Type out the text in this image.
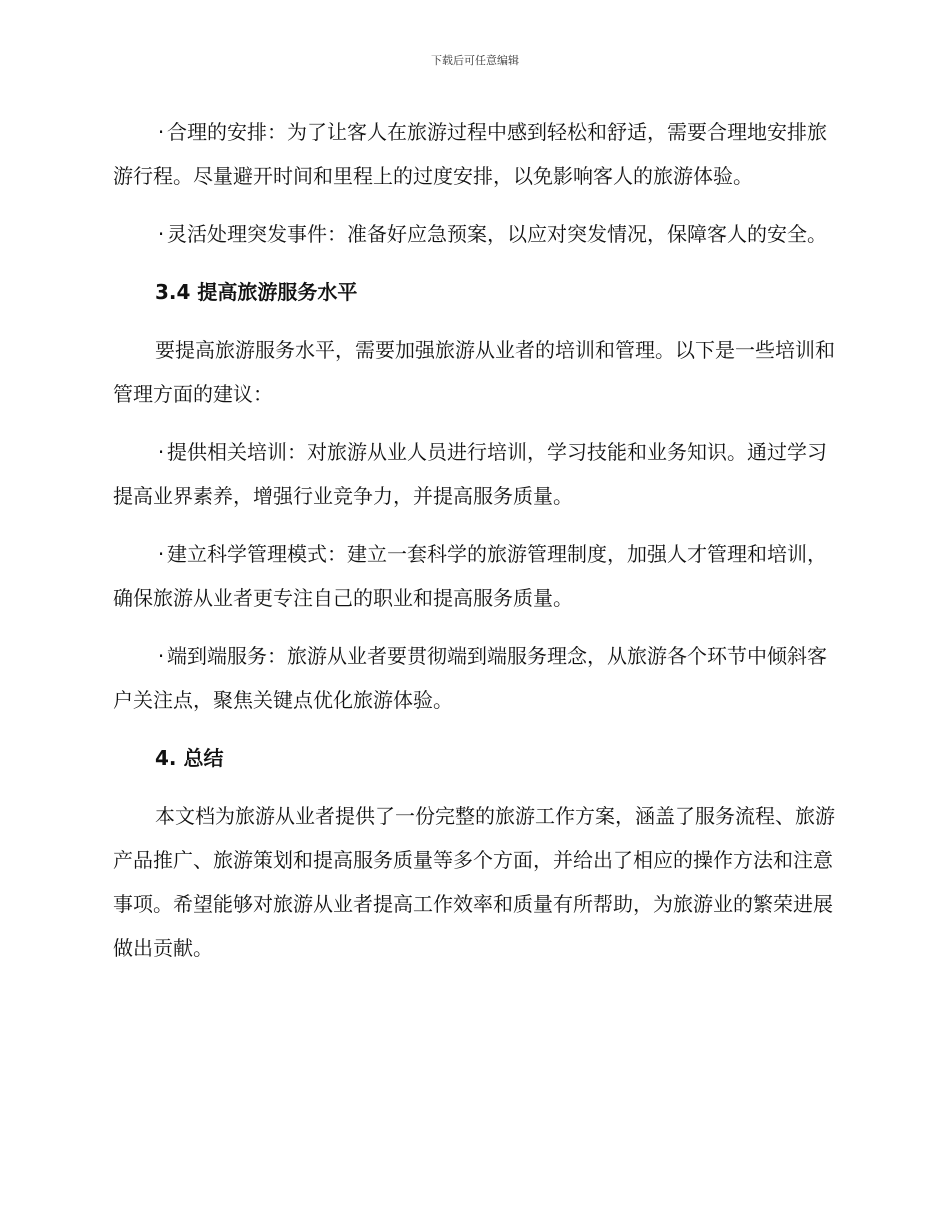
下载后可任意编辑

· 合理的安排：为了让客人在旅游过程中感到轻松和舒适，需要合理地安排旅游行程。尽量避开时间和里程上的过度安排，以免影响客人的旅游体验。

· 灵活处理突发事件：准备好应急预案，以应对突发情况，保障客人的安全。

3.4 提高旅游服务水平

要提高旅游服务水平，需要加强旅游从业者的培训和管理。以下是一些培训和管理方面的建议：

· 提供相关培训：对旅游从业人员进行培训，学习技能和业务知识。通过学习提高业界素养，增强行业竞争力，并提高服务质量。

· 建立科学管理模式：建立一套科学的旅游管理制度，加强人才管理和培训，确保旅游从业者更专注自己的职业和提高服务质量。

· 端到端服务：旅游从业者要贯彻端到端服务理念，从旅游各个环节中倾斜客户关注点，聚焦关键点优化旅游体验。

4. 总结

本文档为旅游从业者提供了一份完整的旅游工作方案，涵盖了服务流程、旅游产品推广、旅游策划和提高服务质量等多个方面，并给出了相应的操作方法和注意事项。希望能够对旅游从业者提高工作效率和质量有所帮助，为旅游业的繁荣进展做出贡献。
